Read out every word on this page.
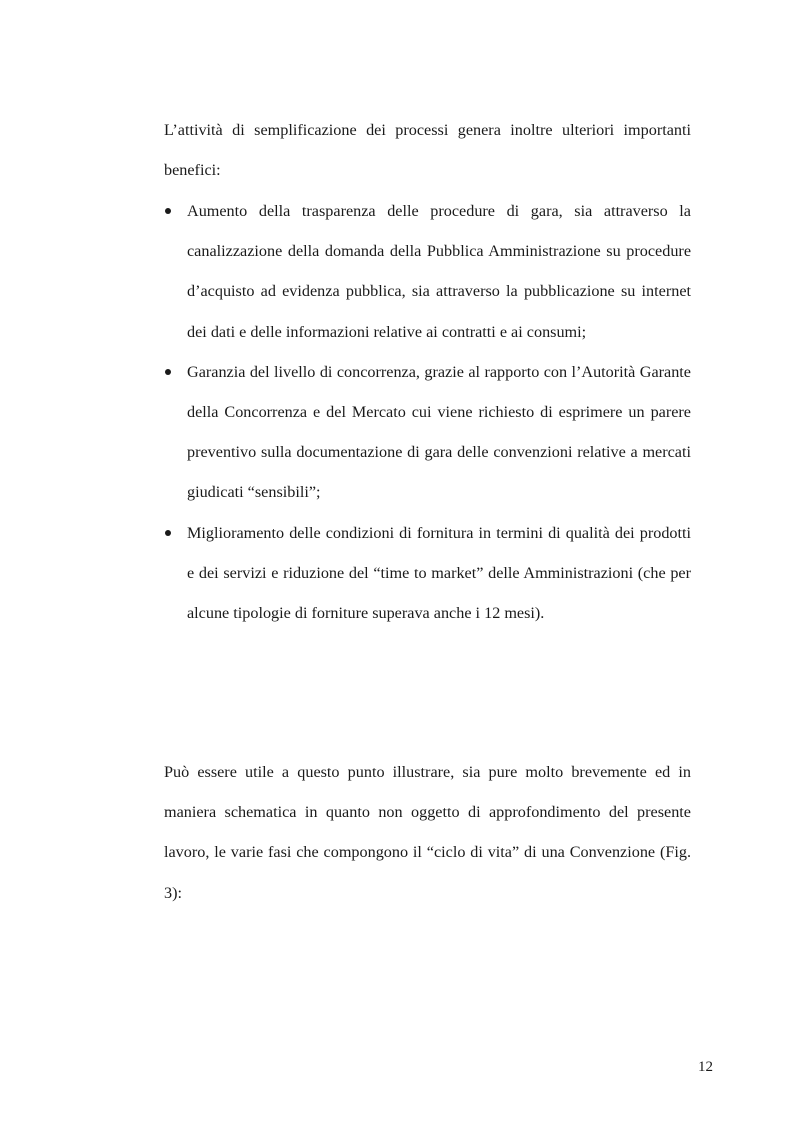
L’attività di semplificazione dei processi genera inoltre ulteriori importanti benefici:

Aumento della trasparenza delle procedure di gara, sia attraverso la canalizzazione della domanda della Pubblica Amministrazione su procedure d’acquisto ad evidenza pubblica, sia attraverso la pubblicazione su internet dei dati e delle informazioni relative ai contratti e ai consumi;
Garanzia del livello di concorrenza, grazie al rapporto con l’Autorità Garante della Concorrenza e del Mercato cui viene richiesto di esprimere un parere preventivo sulla documentazione di gara delle convenzioni relative a mercati giudicati “sensibili”;
Miglioramento delle condizioni di fornitura in termini di qualità dei prodotti e dei servizi e riduzione del “time to market” delle Amministrazioni (che per alcune tipologie di forniture superava anche i 12 mesi).

Può essere utile a questo punto illustrare, sia pure molto brevemente ed in maniera schematica in quanto non oggetto di approfondimento del presente lavoro, le varie fasi che compongono il “ciclo di vita” di una Convenzione (Fig. 3):

12
